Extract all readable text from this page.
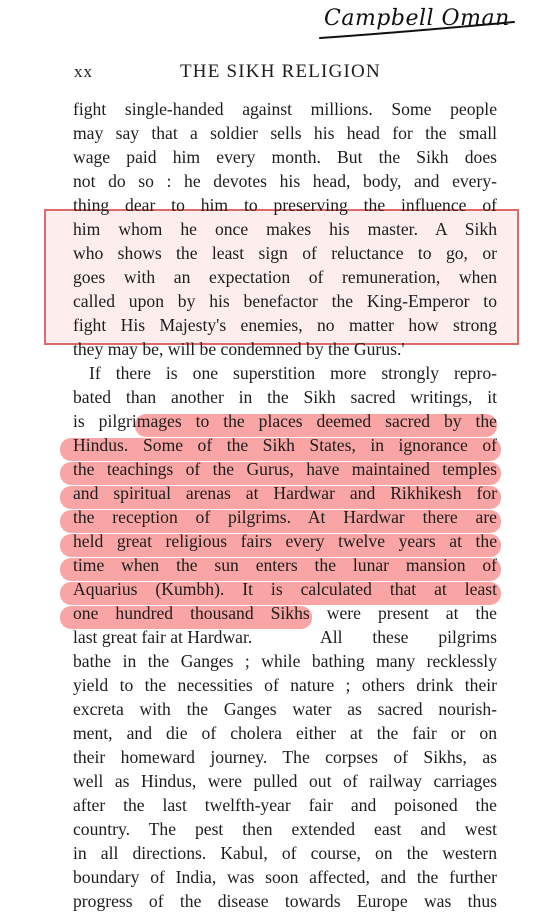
Campbell Oman
xx	THE SIKH RELIGION
fight single-handed against millions. Some people
may say that a soldier sells his head for the small
wage paid him every month. But the Sikh does
not do so : he devotes his head, body, and every-
thing dear to him to preserving the influence of
him whom he once makes his master. A Sikh
who shows the least sign of reluctance to go, or
goes with an expectation of remuneration, when
called upon by his benefactor the King-Emperor to
fight His Majesty's enemies, no matter how strong
they may be, will be condemned by the Gurus.'
If there is one superstition more strongly repro-
bated than another in the Sikh sacred writings, it
is pilgrimages to the places deemed sacred by the
Hindus. Some of the Sikh States, in ignorance of
the teachings of the Gurus, have maintained temples
and spiritual arenas at Hardwar and Rikhikesh for
the reception of pilgrims. At Hardwar there are
held great religious fairs every twelve years at the
time when the sun enters the lunar mansion of
Aquarius (Kumbh). It is calculated that at least
one hundred thousand Sikhs were present at the
last great fair at Hardwar.	All these pilgrims
bathe in the Ganges ; while bathing many recklessly
yield to the necessities of nature ; others drink their
excreta with the Ganges water as sacred nourish-
ment, and die of cholera either at the fair or on
their homeward journey. The corpses of Sikhs, as
well as Hindus, were pulled out of railway carriages
after the last twelfth-year fair and poisoned the
country. The pest then extended east and west
in all directions. Kabul, of course, on the western
boundary of India, was soon affected, and the further
progress of the disease towards Europe was thus
